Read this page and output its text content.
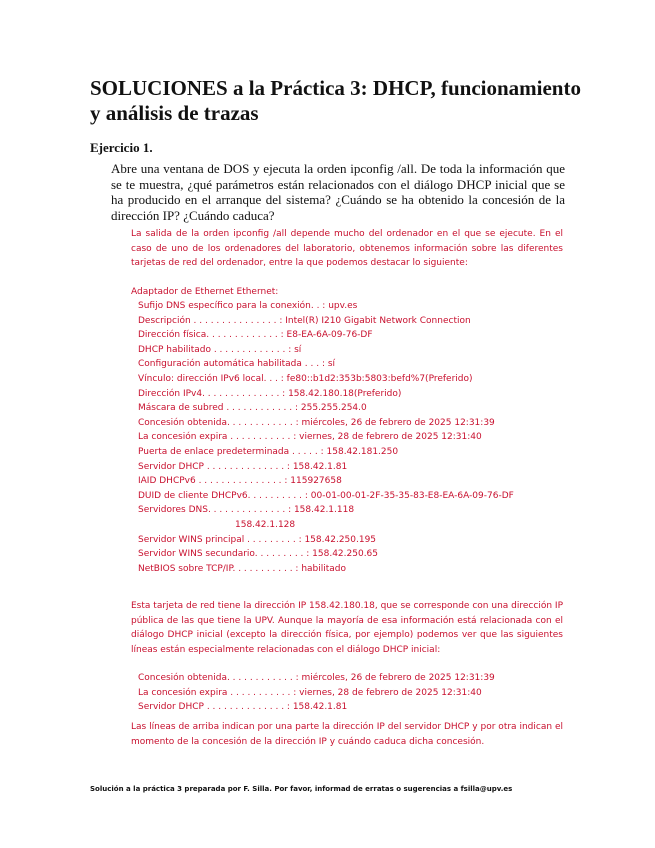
SOLUCIONES a la Práctica 3: DHCP, funcionamiento y análisis de trazas
Ejercicio 1.

Abre una ventana de DOS y ejecuta la orden ipconfig /all. De toda la información que se te muestra, ¿qué parámetros están relacionados con el diálogo DHCP inicial que se ha producido en el arranque del sistema? ¿Cuándo se ha obtenido la concesión de la dirección IP? ¿Cuándo caduca?

La salida de la orden ipconfig /all depende mucho del ordenador en el que se ejecute. En el caso de uno de los ordenadores del laboratorio, obtenemos información sobre las diferentes tarjetas de red del ordenador, entre la que podemos destacar lo siguiente:

Adaptador de Ethernet Ethernet:

Sufijo DNS específico para la conexión. . : upv.es
Descripción . . . . . . . . . . . . . . . : Intel(R) I210 Gigabit Network Connection
Dirección física. . . . . . . . . . . . . : E8-EA-6A-09-76-DF
DHCP habilitado . . . . . . . . . . . . . : sí
Configuración automática habilitada . . . : sí
Vínculo: dirección IPv6 local. . . : fe80::b1d2:353b:5803:befd%7(Preferido)
Dirección IPv4. . . . . . . . . . . . . . : 158.42.180.18(Preferido)
Máscara de subred . . . . . . . . . . . . : 255.255.254.0
Concesión obtenida. . . . . . . . . . . . : miércoles, 26 de febrero de 2025 12:31:39
La concesión expira . . . . . . . . . . . : viernes, 28 de febrero de 2025 12:31:40
Puerta de enlace predeterminada . . . . . : 158.42.181.250
Servidor DHCP . . . . . . . . . . . . . . : 158.42.1.81
IAID DHCPv6 . . . . . . . . . . . . . . . : 115927658
DUID de cliente DHCPv6. . . . . . . . . . : 00-01-00-01-2F-35-35-83-E8-EA-6A-09-76-DF
Servidores DNS. . . . . . . . . . . . . . : 158.42.1.118
158.42.1.128
Servidor WINS principal . . . . . . . . . : 158.42.250.195
Servidor WINS secundario. . . . . . . . . : 158.42.250.65
NetBIOS sobre TCP/IP. . . . . . . . . . . : habilitado

Esta tarjeta de red tiene la dirección IP 158.42.180.18, que se corresponde con una dirección IP pública de las que tiene la UPV. Aunque la mayoría de esa información está relacionada con el diálogo DHCP inicial (excepto la dirección física, por ejemplo) podemos ver que las siguientes líneas están especialmente relacionadas con el diálogo DHCP inicial:

Concesión obtenida. . . . . . . . . . . . : miércoles, 26 de febrero de 2025 12:31:39
La concesión expira . . . . . . . . . . . : viernes, 28 de febrero de 2025 12:31:40
Servidor DHCP . . . . . . . . . . . . . . : 158.42.1.81

Las líneas de arriba indican por una parte la dirección IP del servidor DHCP y por otra indican el momento de la concesión de la dirección IP y cuándo caduca dicha concesión.

Solución a la práctica 3 preparada por F. Silla. Por favor, informad de erratas o sugerencias a fsilla@upv.es
